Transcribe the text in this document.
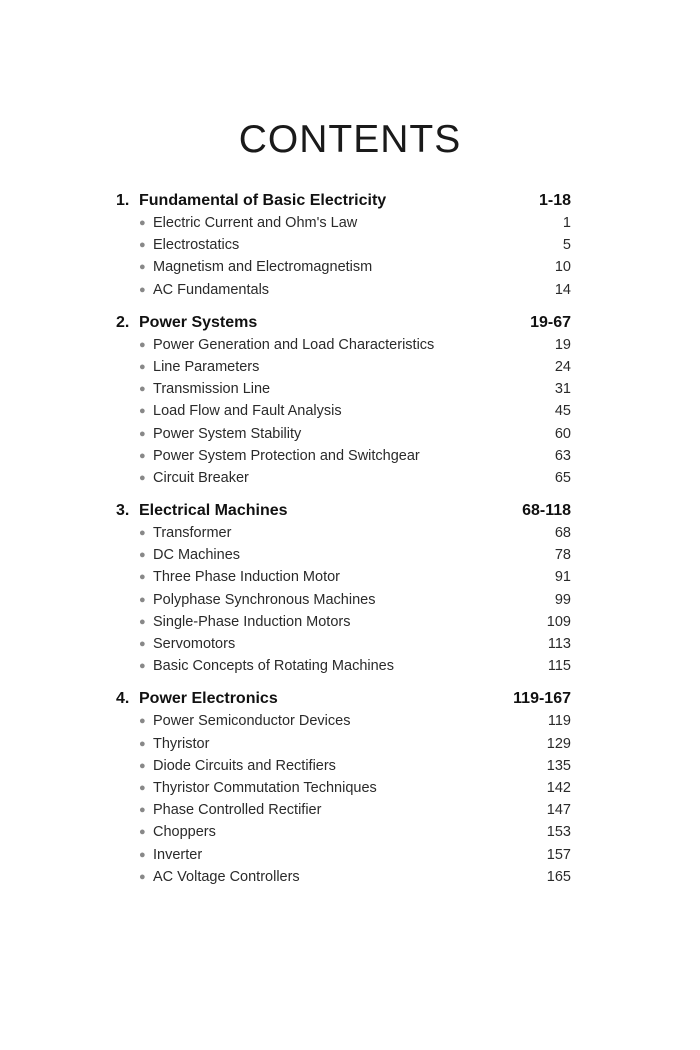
CONTENTS
1. Fundamental of Basic Electricity	1-18
● Electric Current and Ohm's Law	1
● Electrostatics	5
● Magnetism and Electromagnetism	10
● AC Fundamentals	14
2. Power Systems	19-67
● Power Generation and Load Characteristics	19
● Line Parameters	24
● Transmission Line	31
● Load Flow and Fault Analysis	45
● Power System Stability	60
● Power System Protection and Switchgear	63
● Circuit Breaker	65
3. Electrical Machines	68-118
● Transformer	68
● DC Machines	78
● Three Phase Induction Motor	91
● Polyphase Synchronous Machines	99
● Single-Phase Induction Motors	109
● Servomotors	113
● Basic Concepts of Rotating Machines	115
4. Power Electronics	119-167
● Power Semiconductor Devices	119
● Thyristor	129
● Diode Circuits and Rectifiers	135
● Thyristor Commutation Techniques	142
● Phase Controlled Rectifier	147
● Choppers	153
● Inverter	157
● AC Voltage Controllers	165
